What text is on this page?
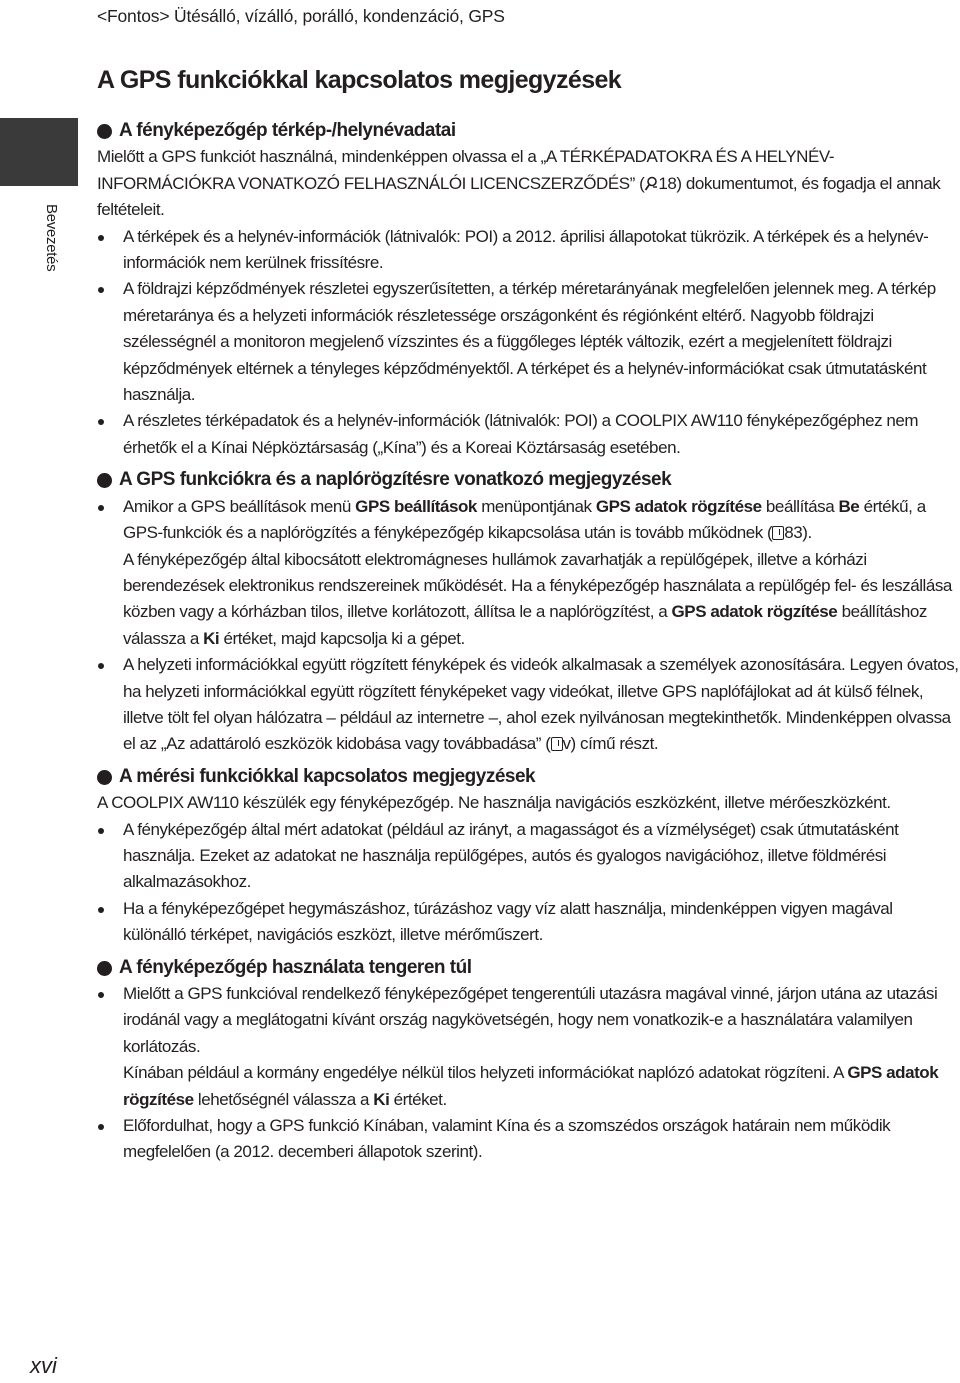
<Fontos> Ütésálló, vízálló, porálló, kondenzáció, GPS
Bevezetés
A GPS funkciókkal kapcsolatos megjegyzések
A fényképezőgép térkép-/helynévadatai

Mielőtt a GPS funkciót használná, mindenképpen olvassa el a „A TÉRKÉPADATOKRA ÉS A HELYNÉV-INFORMÁCIÓKRA VONATKOZÓ FELHASZNÁLÓI LICENCSZERZŐDÉS” ( 18) dokumentumot, és fogadja el annak feltételeit.

A térképek és a helynév-információk (látnivalók: POI) a 2012. áprilisi állapotokat tükrözik. A térképek és a helynév-információk nem kerülnek frissítésre.
A földrajzi képződmények részletei egyszerűsítetten, a térkép méretarányának megfelelően jelennek meg. A térkép méretaránya és a helyzeti információk részletessége országonként és régiónként eltérő. Nagyobb földrajzi szélességnél a monitoron megjelenő vízszintes és a függőleges lépték változik, ezért a megjelenített földrajzi képződmények eltérnek a tényleges képződményektől. A térképet és a helynév-információkat csak útmutatásként használja.
A részletes térképadatok és a helynév-információk (látnivalók: POI) a COOLPIX AW110 fényképezőgéphez nem érhetők el a Kínai Népköztársaság („Kína”) és a Koreai Köztársaság esetében.
A GPS funkciókra és a naplórögzítésre vonatkozó megjegyzések
Amikor a GPS beállítások menü GPS beállítások menüpontjának GPS adatok rögzítése beállítása Be értékű, a GPS-funkciók és a naplórögzítés a fényképezőgép kikapcsolása után is tovább működnek ( 83).
A fényképezőgép által kibocsátott elektromágneses hullámok zavarhatják a repülőgépek, illetve a kórházi berendezések elektronikus rendszereinek működését. Ha a fényképezőgép használata a repülőgép fel- és leszállása közben vagy a kórházban tilos, illetve korlátozott, állítsa le a naplórögzítést, a GPS adatok rögzítése beállításhoz válassza a Ki értéket, majd kapcsolja ki a gépet.
A helyzeti információkkal együtt rögzített fényképek és videók alkalmasak a személyek azonosítására. Legyen óvatos, ha helyzeti információkkal együtt rögzített fényképeket vagy videókat, illetve GPS naplófájlokat ad át külső félnek, illetve tölt fel olyan hálózatra – például az internetre –, ahol ezek nyilvánosan megtekinthetők. Mindenképpen olvassa el az „Az adattároló eszközök kidobása vagy továbbadása” ( v) című részt.
A mérési funkciókkal kapcsolatos megjegyzések

A COOLPIX AW110 készülék egy fényképezőgép. Ne használja navigációs eszközként, illetve mérőeszközként.

A fényképezőgép által mért adatokat (például az irányt, a magasságot és a vízmélységet) csak útmutatásként használja. Ezeket az adatokat ne használja repülőgépes, autós és gyalogos navigációhoz, illetve földmérési alkalmazásokhoz.
Ha a fényképezőgépet hegymászáshoz, túrázáshoz vagy víz alatt használja, mindenképpen vigyen magával különálló térképet, navigációs eszközt, illetve mérőműszert.
A fényképezőgép használata tengeren túl
Mielőtt a GPS funkcióval rendelkező fényképezőgépet tengerentúli utazásra magával vinné, járjon utána az utazási irodánál vagy a meglátogatni kívánt ország nagykövetségén, hogy nem vonatkozik-e a használatára valamilyen korlátozás.
Kínában például a kormány engedélye nélkül tilos helyzeti információkat naplózó adatokat rögzíteni. A GPS adatok rögzítése lehetőségnél válassza a Ki értéket.
Előfordulhat, hogy a GPS funkció Kínában, valamint Kína és a szomszédos országok határain nem működik megfelelően (a 2012. decemberi állapotok szerint).
xvi
